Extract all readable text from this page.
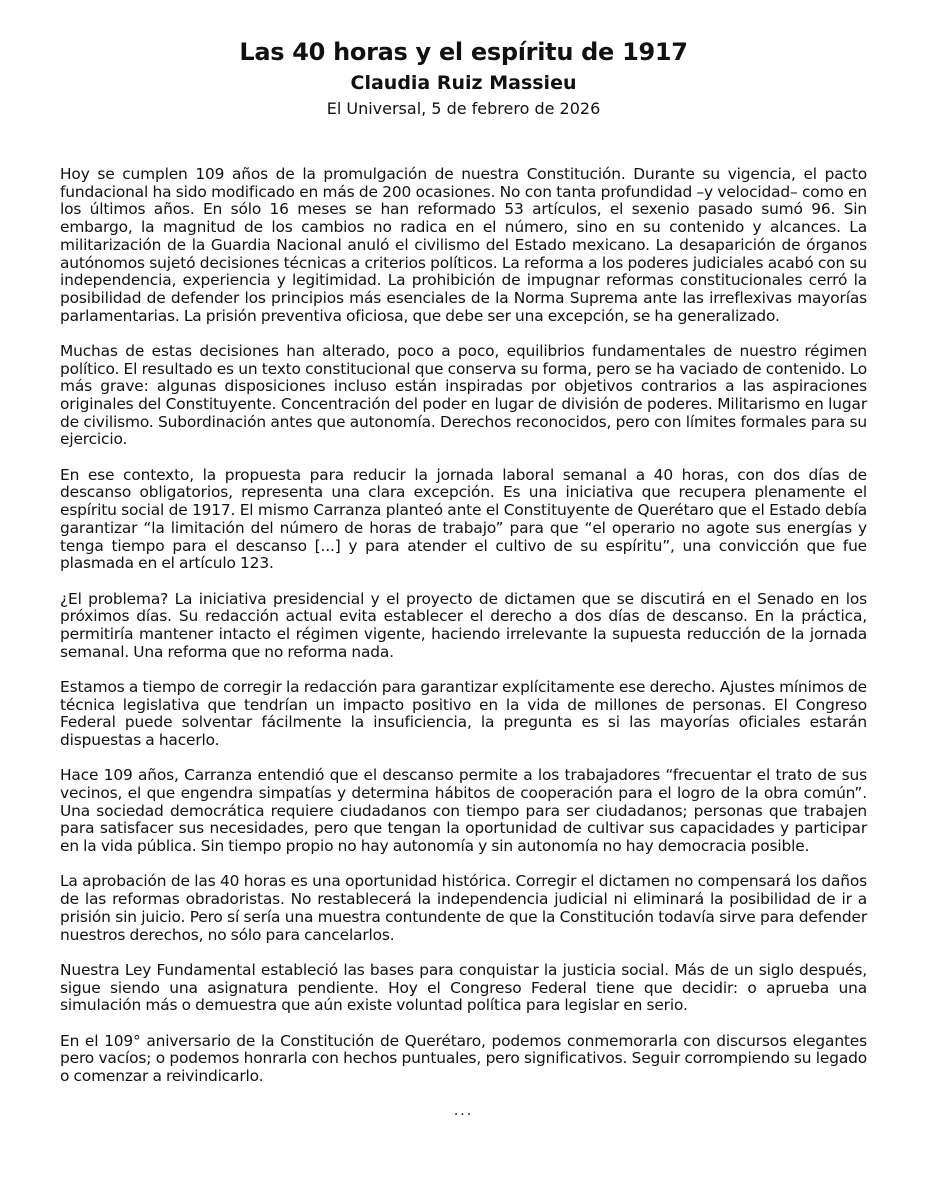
Las 40 horas y el espíritu de 1917
Claudia Ruiz Massieu
El Universal, 5 de febrero de 2026

Hoy se cumplen 109 años de la promulgación de nuestra Constitución. Durante su vigencia, el pacto fundacional ha sido modificado en más de 200 ocasiones. No con tanta profundidad –y velocidad– como en los últimos años. En sólo 16 meses se han reformado 53 artículos, el sexenio pasado sumó 96. Sin embargo, la magnitud de los cambios no radica en el número, sino en su contenido y alcances. La militarización de la Guardia Nacional anuló el civilismo del Estado mexicano. La desaparición de órganos autónomos sujetó decisiones técnicas a criterios políticos. La reforma a los poderes judiciales acabó con su independencia, experiencia y legitimidad. La prohibición de impugnar reformas constitucionales cerró la posibilidad de defender los principios más esenciales de la Norma Suprema ante las irreflexivas mayorías parlamentarias. La prisión preventiva oficiosa, que debe ser una excepción, se ha generalizado.

Muchas de estas decisiones han alterado, poco a poco, equilibrios fundamentales de nuestro régimen político. El resultado es un texto constitucional que conserva su forma, pero se ha vaciado de contenido. Lo más grave: algunas disposiciones incluso están inspiradas por objetivos contrarios a las aspiraciones originales del Constituyente. Concentración del poder en lugar de división de poderes. Militarismo en lugar de civilismo. Subordinación antes que autonomía. Derechos reconocidos, pero con límites formales para su ejercicio.

En ese contexto, la propuesta para reducir la jornada laboral semanal a 40 horas, con dos días de descanso obligatorios, representa una clara excepción. Es una iniciativa que recupera plenamente el espíritu social de 1917. El mismo Carranza planteó ante el Constituyente de Querétaro que el Estado debía garantizar “la limitación del número de horas de trabajo” para que “el operario no agote sus energías y tenga tiempo para el descanso [...] y para atender el cultivo de su espíritu”, una convicción que fue plasmada en el artículo 123.

¿El problema? La iniciativa presidencial y el proyecto de dictamen que se discutirá en el Senado en los próximos días. Su redacción actual evita establecer el derecho a dos días de descanso. En la práctica, permitiría mantener intacto el régimen vigente, haciendo irrelevante la supuesta reducción de la jornada semanal. Una reforma que no reforma nada.

Estamos a tiempo de corregir la redacción para garantizar explícitamente ese derecho. Ajustes mínimos de técnica legislativa que tendrían un impacto positivo en la vida de millones de personas. El Congreso Federal puede solventar fácilmente la insuficiencia, la pregunta es si las mayorías oficiales estarán dispuestas a hacerlo.

Hace 109 años, Carranza entendió que el descanso permite a los trabajadores “frecuentar el trato de sus vecinos, el que engendra simpatías y determina hábitos de cooperación para el logro de la obra común”. Una sociedad democrática requiere ciudadanos con tiempo para ser ciudadanos; personas que trabajen para satisfacer sus necesidades, pero que tengan la oportunidad de cultivar sus capacidades y participar en la vida pública. Sin tiempo propio no hay autonomía y sin autonomía no hay democracia posible.

La aprobación de las 40 horas es una oportunidad histórica. Corregir el dictamen no compensará los daños de las reformas obradoristas. No restablecerá la independencia judicial ni eliminará la posibilidad de ir a prisión sin juicio. Pero sí sería una muestra contundente de que la Constitución todavía sirve para defender nuestros derechos, no sólo para cancelarlos.

Nuestra Ley Fundamental estableció las bases para conquistar la justicia social. Más de un siglo después, sigue siendo una asignatura pendiente. Hoy el Congreso Federal tiene que decidir: o aprueba una simulación más o demuestra que aún existe voluntad política para legislar en serio.

En el 109° aniversario de la Constitución de Querétaro, podemos conmemorarla con discursos elegantes pero vacíos; o podemos honrarla con hechos puntuales, pero significativos. Seguir corrompiendo su legado o comenzar a reivindicarlo.

...
